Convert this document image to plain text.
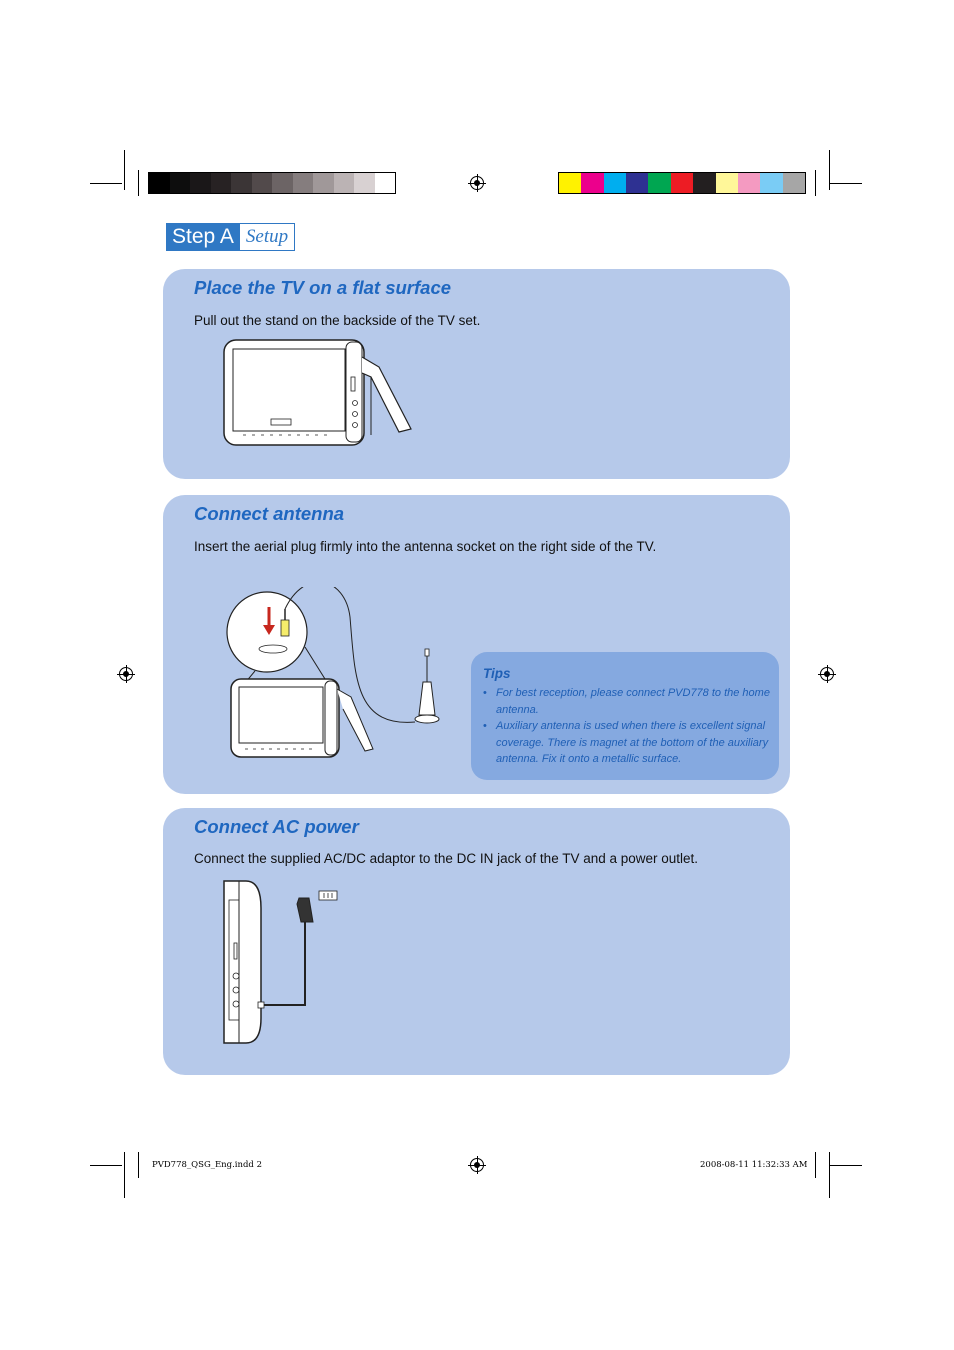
Step A Setup
Place the TV on a flat surface

Pull out the stand on the backside of the TV set.

Connect antenna

Insert the aerial plug firmly into the antenna socket on the right side of the TV.

Tips
• For best reception, please connect PVD778 to the home antenna.
• Auxiliary antenna is used when there is excellent signal coverage. There is magnet at the bottom of the auxiliary antenna. Fix it onto a metallic surface.
Connect AC power

Connect the supplied AC/DC adaptor to the DC IN jack of the TV and a power outlet.

PVD778_QSG_Eng.indd 2	2008-08-11 11:32:33 AM
